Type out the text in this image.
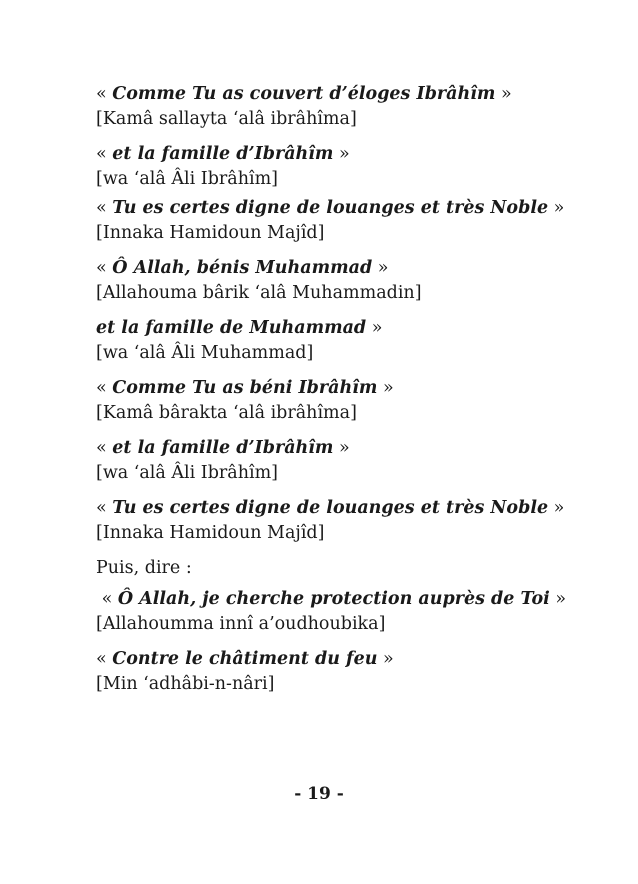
« Comme Tu as couvert d’éloges Ibrâhîm »
[Kamâ sallayta ‘alâ ibrâhîma]
« et la famille d’Ibrâhîm »
[wa ‘alâ Âli Ibrâhîm]
« Tu es certes digne de louanges et très Noble »
[Innaka Hamidoun Majîd]
« Ô Allah, bénis Muhammad »
[Allahouma bârik ‘alâ Muhammadin]
et la famille de Muhammad »
[wa ‘alâ Âli Muhammad]
« Comme Tu as béni Ibrâhîm »
[Kamâ bârakta ‘alâ ibrâhîma]
« et la famille d’Ibrâhîm »
[wa ‘alâ Âli Ibrâhîm]
« Tu es certes digne de louanges et très Noble »
[Innaka Hamidoun Majîd]
Puis, dire :
« Ô Allah, je cherche protection auprès de Toi »
[Allahoumma innî a’oudhoubika]
« Contre le châtiment du feu »
[Min ‘adhâbi-n-nâri]
- 19 -
